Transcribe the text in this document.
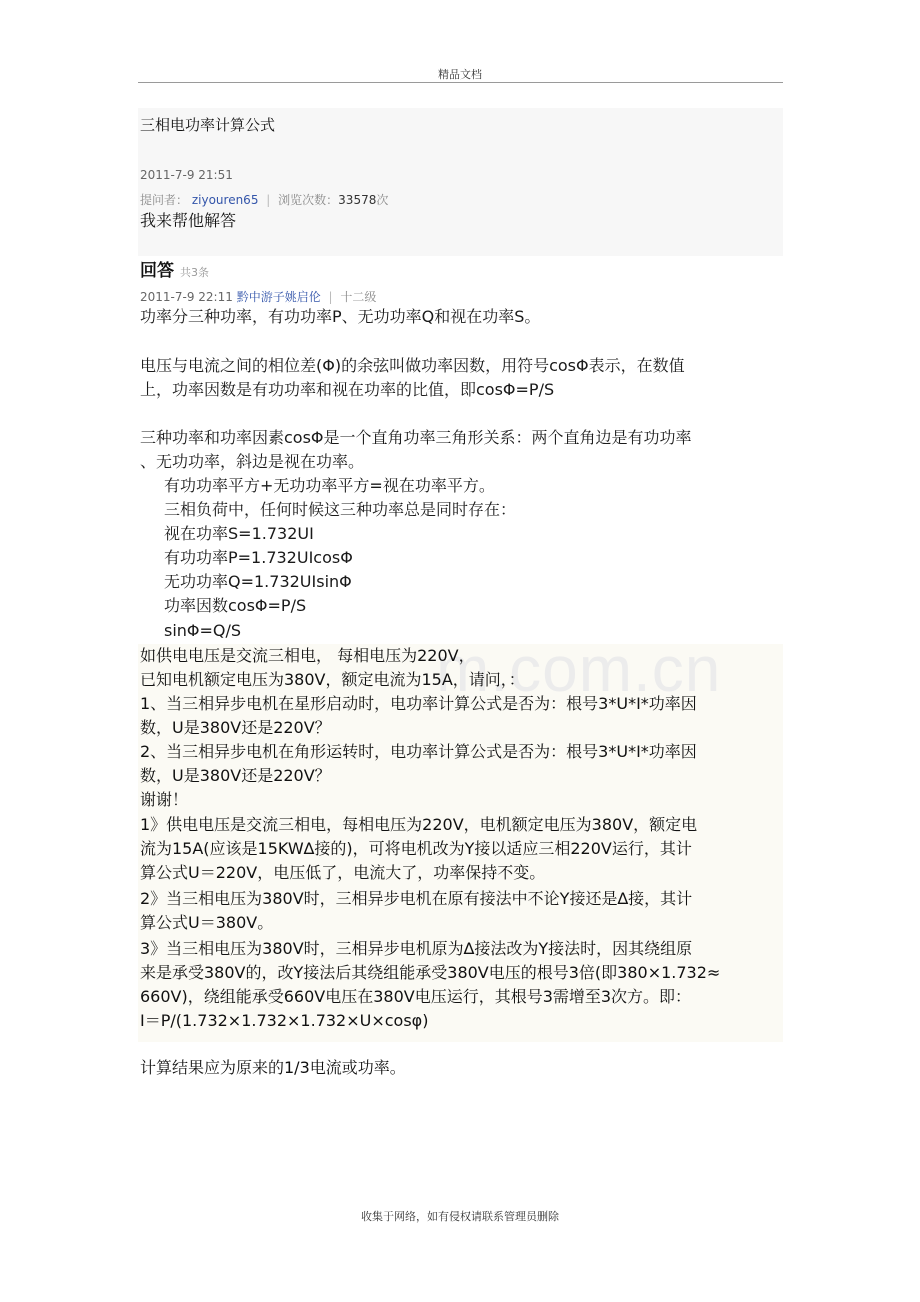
精品文档
三相电功率计算公式
2011-7-9 21:51
提问者： ziyouren65 | 浏览次数：33578次
我来帮他解答
回答 共3条
2011-7-9 22:11 黔中游子姚启伦 | 十二级
功率分三种功率，有功功率P、无功功率Q和视在功率S。
电压与电流之间的相位差(Φ)的余弦叫做功率因数，用符号cosΦ表示，在数值
上，功率因数是有功功率和视在功率的比值，即cosΦ=P/S
三种功率和功率因素cosΦ是一个直角功率三角形关系：两个直角边是有功功率
、无功功率，斜边是视在功率。
有功功率平方+无功功率平方=视在功率平方。
三相负荷中，任何时候这三种功率总是同时存在：
视在功率S=1.732UI
有功功率P=1.732UIcosΦ
无功功率Q=1.732UIsinΦ
功率因数cosΦ=P/S
sinΦ=Q/S
m.com.cn
如供电电压是交流三相电， 每相电压为220V，
已知电机额定电压为380V，额定电流为15A，请问，：
1、当三相异步电机在星形启动时，电功率计算公式是否为：根号3*U*I*功率因
数，U是380V还是220V？
2、当三相异步电机在角形运转时，电功率计算公式是否为：根号3*U*I*功率因
数，U是380V还是220V？
谢谢！
1》供电电压是交流三相电，每相电压为220V，电机额定电压为380V，额定电
流为15A(应该是15KW∆接的)，可将电机改为Y接以适应三相220V运行，其计
算公式U＝220V，电压低了，电流大了，功率保持不变。
2》当三相电压为380V时，三相异步电机在原有接法中不论Y接还是∆接，其计
算公式U＝380V。
3》当三相电压为380V时，三相异步电机原为∆接法改为Y接法时，因其绕组原
来是承受380V的，改Y接法后其绕组能承受380V电压的根号3倍(即380×1.732≈
660V)，绕组能承受660V电压在380V电压运行，其根号3需增至3次方。即：
I＝P/(1.732×1.732×1.732×U×cosφ)
计算结果应为原来的1/3电流或功率。
收集于网络，如有侵权请联系管理员删除
